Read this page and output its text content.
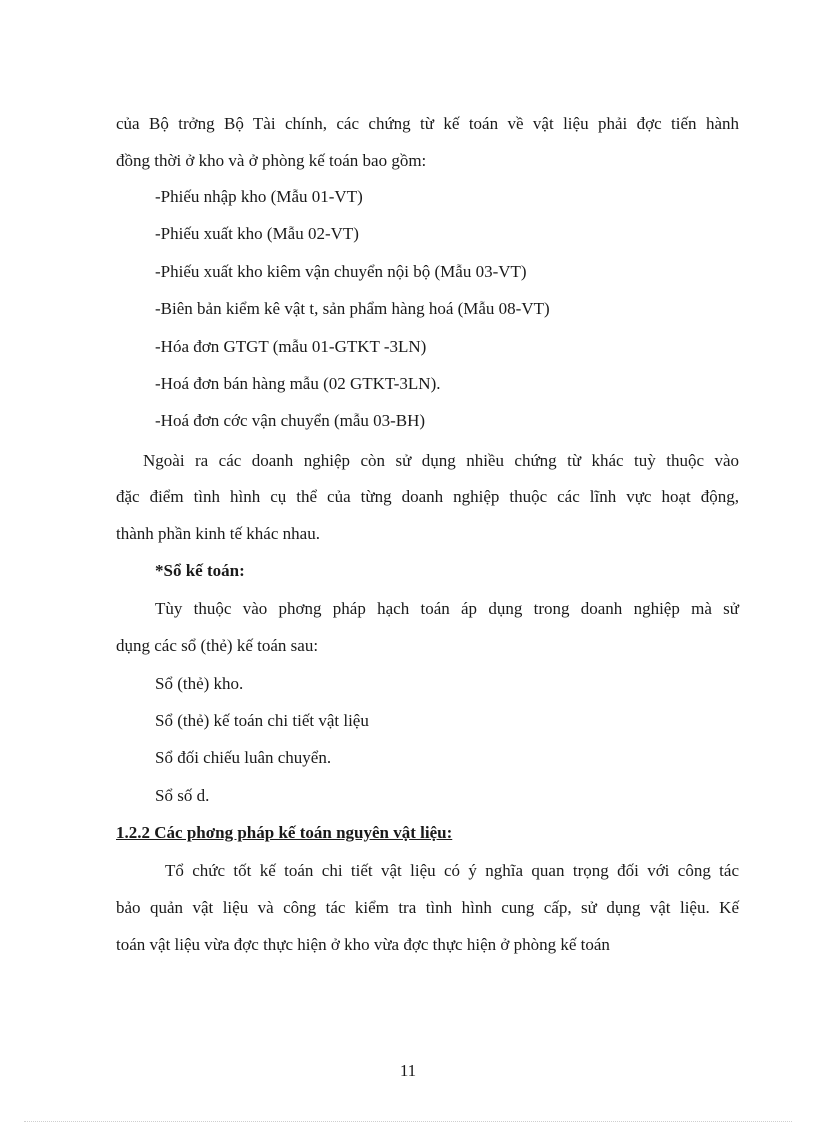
của Bộ trởng Bộ Tài chính, các chứng từ kế toán về vật liệu phải đợc tiến hành
đồng thời ở kho và ở phòng kế toán bao gồm:
-Phiếu nhập kho (Mẫu 01-VT)
-Phiếu xuất kho (Mẫu 02-VT)
-Phiếu xuất kho kiêm vận chuyển nội bộ (Mẫu 03-VT)
-Biên bản kiểm kê vật t, sản phẩm hàng hoá (Mẫu 08-VT)
-Hóa đơn GTGT (mẫu 01-GTKT -3LN)
-Hoá đơn bán hàng mẫu (02 GTKT-3LN).
-Hoá đơn cớc vận chuyển (mẫu 03-BH)
Ngoài ra các doanh nghiệp còn sử dụng nhiều chứng từ khác tuỳ thuộc vào
đặc điểm tình hình cụ thể của từng doanh nghiệp thuộc các lĩnh vực hoạt động,
thành phần kinh tế khác nhau.
*Sổ kế toán:
Tùy thuộc vào phơng pháp hạch toán áp dụng trong doanh nghiệp mà sử
dụng các sổ (thẻ) kế toán sau:
Sổ (thẻ) kho.
Sổ (thẻ) kế toán chi tiết vật liệu
Sổ đối chiếu luân chuyển.
Sổ số d.
1.2.2 Các phơng pháp kế toán nguyên vật liệu:
Tổ chức tốt kế toán chi tiết vật liệu có ý nghĩa quan trọng đối với công tác
bảo quản vật liệu và công tác kiểm tra tình hình cung cấp, sử dụng vật liệu. Kế
toán vật liệu vừa đợc thực hiện ở kho vừa đợc thực hiện ở phòng kế toán
11
